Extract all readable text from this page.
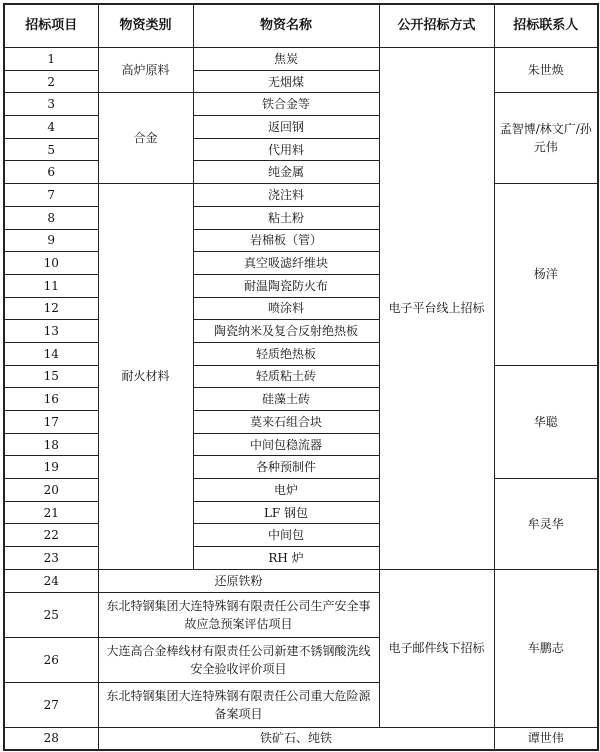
招标项目	物资类别	物资名称	公开招标方式	招标联系人
1	高炉原料	焦炭	电子平台线上招标	朱世焕
2		无烟煤		
3	合金	铁合金等		孟智博/林文广/孙元伟
4		返回钢		
5		代用料		
6		纯金属		
7	耐火材料	浇注料		杨洋
8		粘土粉		
9		岩棉板（管）		
10		真空吸滤纤维块		
11		耐温陶瓷防火布		
12		喷涂料		
13		陶瓷纳米及复合反射绝热板		
14		轻质绝热板		
15		轻质粘土砖		华聪
16		硅藻土砖		
17		莫来石组合块		
18		中间包稳流器		
19		各种预制件		
20		电炉		牟灵华
21		LF 钢包		
22		中间包		
23		RH 炉		
24	还原铁粉		电子邮件线下招标	车鹏志
25	东北特钢集团大连特殊钢有限责任公司生产安全事故应急预案评估项目			
26	大连高合金棒线材有限责任公司新建不锈钢酸洗线安全验收评价项目			
27	东北特钢集团大连特殊钢有限责任公司重大危险源备案项目			
28	铁矿石、纯铁			谭世伟
